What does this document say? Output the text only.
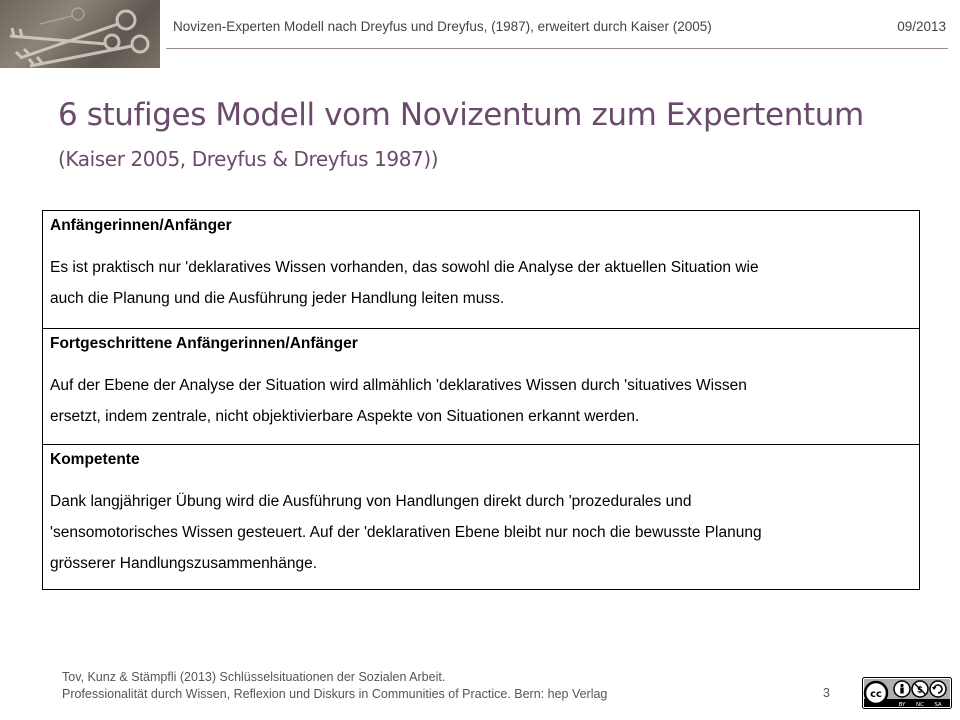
Novizen-Experten Modell nach Dreyfus und Dreyfus, (1987), erweitert durch Kaiser (2005)	09/2013
6 stufiges Modell vom Novizentum zum Expertentum
(Kaiser 2005, Dreyfus & Dreyfus 1987))
Anfängerinnen/Anfänger
Es ist praktisch nur 'deklaratives Wissen vorhanden, das sowohl die Analyse der aktuellen Situation wie
auch die Planung und die Ausführung jeder Handlung leiten muss.
Fortgeschrittene Anfängerinnen/Anfänger
Auf der Ebene der Analyse der Situation wird allmählich 'deklaratives Wissen durch 'situatives Wissen
ersetzt, indem zentrale, nicht objektivierbare Aspekte von Situationen erkannt werden.
Kompetente
Dank langjähriger Übung wird die Ausführung von Handlungen direkt durch 'prozedurales und
'sensomotorisches Wissen gesteuert. Auf der 'deklarativen Ebene bleibt nur noch die bewusste Planung
grösserer Handlungszusammenhänge.
Tov, Kunz & Stämpfli (2013) Schlüsselsituationen der Sozialen Arbeit.
Professionalität durch Wissen, Reflexion und Diskurs in Communities of Practice. Bern: hep Verlag	3	cc	$
BY NC SA
